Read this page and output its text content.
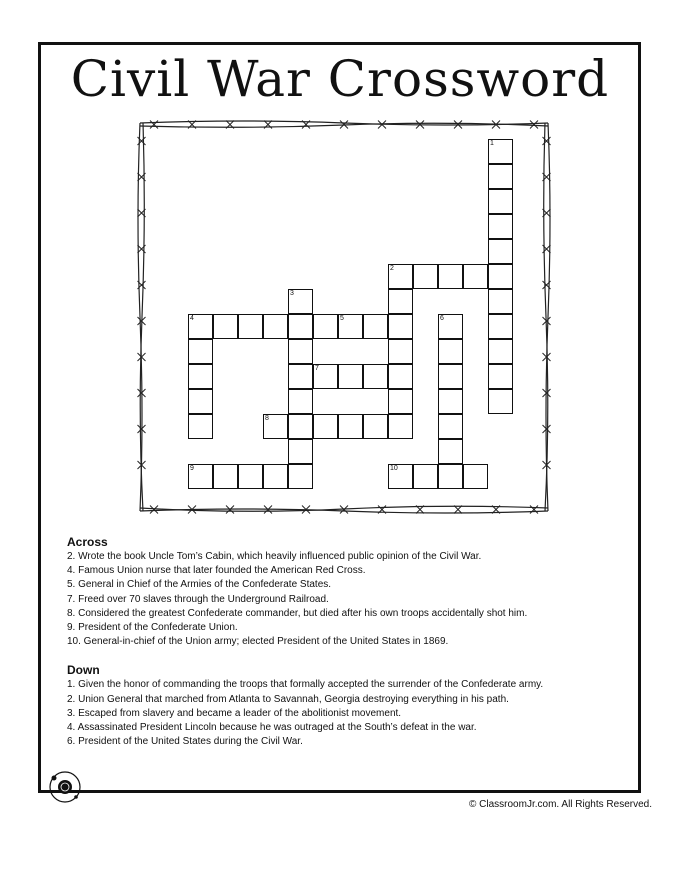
Civil War Crossword
1
2
3
4	5	6
7
8
9	10
Across
2. Wrote the book Uncle Tom’s Cabin, which heavily influenced public opinion of the Civil War.
4. Famous Union nurse that later founded the American Red Cross.
5. General in Chief of the Armies of the Confederate States.
7. Freed over 70 slaves through the Underground Railroad.
8. Considered the greatest Confederate commander, but died after his own troops accidentally shot him.
9. President of the Confederate Union.
10. General-in-chief of the Union army; elected President of the United States in 1869.
Down
1. Given the honor of commanding the troops that formally accepted the surrender of the Confederate army.
2. Union General that marched from Atlanta to Savannah, Georgia destroying everything in his path.
3. Escaped from slavery and became a leader of the abolitionist movement.
4. Assassinated President Lincoln because he was outraged at the South’s defeat in the war.
6. President of the United States during the Civil War.
© ClassroomJr.com. All Rights Reserved.
